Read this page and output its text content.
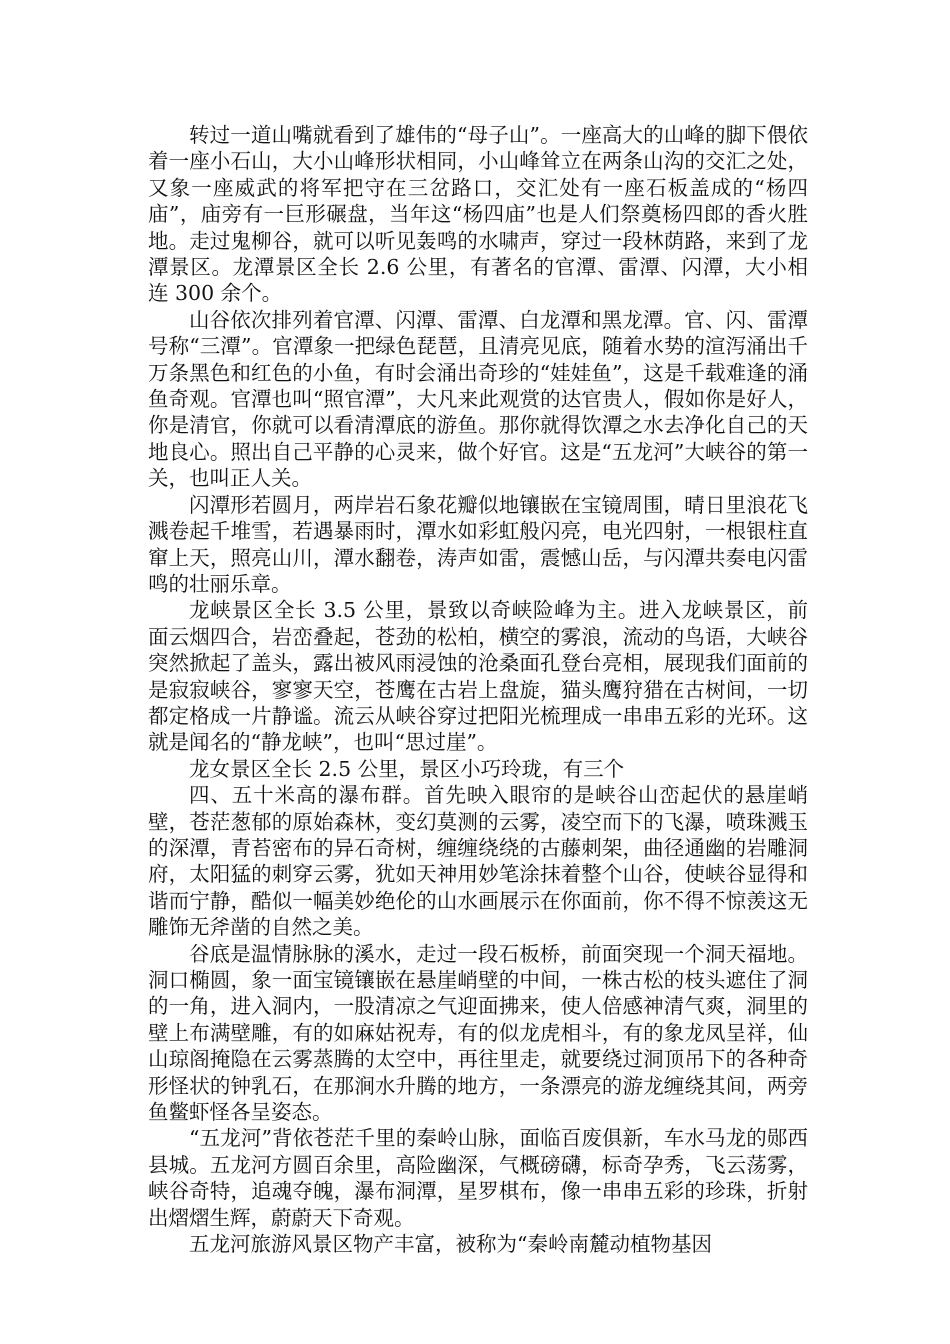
转过一道山嘴就看到了雄伟的“母子山”。一座高大的山峰的脚下偎依着一座小石山，大小山峰形状相同，小山峰耸立在两条山沟的交汇之处，又象一座威武的将军把守在三岔路口，交汇处有一座石板盖成的“杨四庙”，庙旁有一巨形碾盘，当年这“杨四庙”也是人们祭奠杨四郎的香火胜地。走过鬼柳谷，就可以听见轰鸣的水啸声，穿过一段林荫路，来到了龙潭景区。龙潭景区全长 2.6 公里，有著名的官潭、雷潭、闪潭，大小相连 300 余个。

山谷依次排列着官潭、闪潭、雷潭、白龙潭和黑龙潭。官、闪、雷潭号称“三潭”。官潭象一把绿色琵琶，且清亮见底，随着水势的渲泻涌出千万条黑色和红色的小鱼，有时会涌出奇珍的“娃娃鱼”，这是千载难逢的涌鱼奇观。官潭也叫“照官潭”，大凡来此观赏的达官贵人，假如你是好人，你是清官，你就可以看清潭底的游鱼。那你就得饮潭之水去净化自己的天地良心。照出自己平静的心灵来，做个好官。这是“五龙河”大峡谷的第一关，也叫正人关。

闪潭形若圆月，两岸岩石象花瓣似地镶嵌在宝镜周围，晴日里浪花飞溅卷起千堆雪，若遇暴雨时，潭水如彩虹般闪亮，电光四射，一根银柱直窜上天，照亮山川，潭水翻卷，涛声如雷，震憾山岳，与闪潭共奏电闪雷鸣的壮丽乐章。

龙峡景区全长 3.5 公里，景致以奇峡险峰为主。进入龙峡景区，前面云烟四合，岩峦叠起，苍劲的松柏，横空的雾浪，流动的鸟语，大峡谷突然掀起了盖头，露出被风雨浸蚀的沧桑面孔登台亮相，展现我们面前的是寂寂峡谷，寥寥天空，苍鹰在古岩上盘旋，猫头鹰狩猎在古树间，一切都定格成一片静谧。流云从峡谷穿过把阳光梳理成一串串五彩的光环。这就是闻名的“静龙峡”，也叫“思过崖”。

龙女景区全长 2.5 公里，景区小巧玲珑，有三个

四、五十米高的瀑布群。首先映入眼帘的是峡谷山峦起伏的悬崖峭壁，苍茫葱郁的原始森林，变幻莫测的云雾，凌空而下的飞瀑，喷珠溅玉的深潭，青苔密布的异石奇树，缠缠绕绕的古藤刺架，曲径通幽的岩雕洞府，太阳猛的刺穿云雾，犹如天神用妙笔涂抹着整个山谷，使峡谷显得和谐而宁静，酷似一幅美妙绝伦的山水画展示在你面前，你不得不惊羡这无雕饰无斧凿的自然之美。

谷底是温情脉脉的溪水，走过一段石板桥，前面突现一个洞天福地。洞口椭圆，象一面宝镜镶嵌在悬崖峭壁的中间，一株古松的枝头遮住了洞的一角，进入洞内，一股清凉之气迎面拂来，使人倍感神清气爽，洞里的壁上布满壁雕，有的如麻姑祝寿，有的似龙虎相斗，有的象龙凤呈祥，仙山琼阁掩隐在云雾蒸腾的太空中，再往里走，就要绕过洞顶吊下的各种奇形怪状的钟乳石，在那涧水升腾的地方，一条漂亮的游龙缠绕其间，两旁鱼鳖虾怪各呈姿态。

“五龙河”背依苍茫千里的秦岭山脉，面临百废俱新，车水马龙的郧西县城。五龙河方圆百余里，高险幽深，气概磅礴，标奇孕秀，飞云荡雾，峡谷奇特，追魂夺魄，瀑布洞潭，星罗棋布，像一串串五彩的珍珠，折射出熠熠生辉，蔚蔚天下奇观。

五龙河旅游风景区物产丰富，被称为“秦岭南麓动植物基因
